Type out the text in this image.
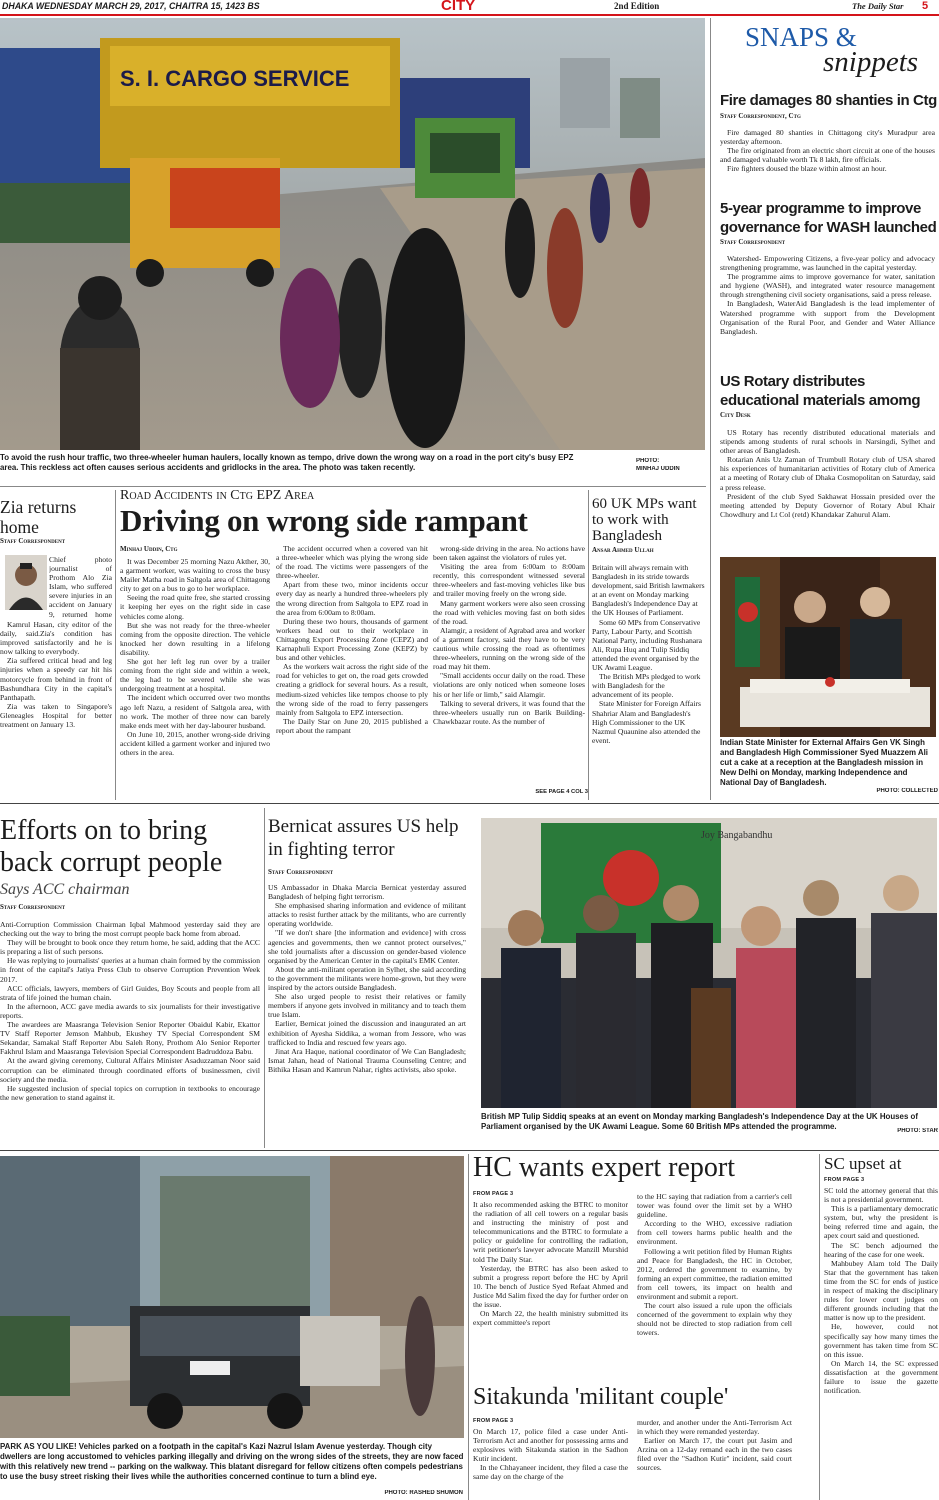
DHAKA WEDNESDAY MARCH 29, 2017, CHAITRA 15, 1423 BS	CITY	2nd Edition	The Daily Star	5
S. I. CARGO SERVICE
To avoid the rush hour traffic, two three-wheeler human haulers, locally known as tempo, drive down the wrong way on a road in the port city's busy EPZ area. This reckless act often causes serious accidents and gridlocks in the area. The photo was taken recently.
PHOTO:
MINHAJ UDDIN
SNAPS &
snippets
Fire damages 80 shanties in Ctg
Staff Correspondent, Ctg

Fire damaged 80 shanties in Chittagong city's Muradpur area yesterday afternoon.

The fire originated from an electric short circuit at one of the houses and damaged valuable worth Tk 8 lakh, fire officials.

Fire fighters doused the blaze within almost an hour.

5-year programme to improve governance for WASH launched
Staff Correspondent

Watershed- Empowering Citizens, a five-year policy and advocacy strengthening programme, was launched in the capital yesterday.

The programme aims to improve governance for water, sanitation and hygiene (WASH), and integrated water resource management through strengthening civil society organisations, said a press release.

In Bangladesh, WaterAid Bangladesh is the lead implementer of Watershed programme with support from the Development Organisation of the Rural Poor, and Gender and Water Alliance Bangladesh.

US Rotary distributes educational materials amomg
City Desk

US Rotary has recently distributed educational materials and stipends among students of rural schools in Narsingdi, Sylhet and other areas of Bangladesh.

Rotarian Anis Uz Zaman of Trumbull Rotary club of USA shared his experiences of humanitarian activities of Rotary club of America at a meeting of Rotary club of Dhaka Cosmopolitan on Saturday, said a press release.

President of the club Syed Sakhawat Hossain presided over the meeting attended by Deputy Governor of Rotary Abul Khair Chowdhury and Lt Col (retd) Khandakar Zahurul Alam.

Indian State Minister for External Affairs Gen VK Singh and Bangladesh High Commissioner Syed Muazzem Ali cut a cake at a reception at the Bangladesh mission in New Delhi on Monday, marking Independence and National Day of Bangladesh.
PHOTO: COLLECTED
Zia returns home
Staff Correspondent

Chief photo journalist of Prothom Alo Zia Islam, who suffered severe injuries in an accident on January 9, returned home

Kamrul Hasan, city editor of the daily, said.Zia's condition has improved satisfactorily and he is now talking to everybody.

Zia suffered critical head and leg injuries when a speedy car hit his motorcycle from behind in front of Bashundhara City in the capital's Panthapath.

Zia was taken to Singapore's Gleneagles Hospital for better treatment on January 13.

Road Accidents in Ctg EPZ Area
Driving on wrong side rampant
Minhaj Uddin, Ctg

It was December 25 morning Nazu Akther, 30, a garment worker, was waiting to cross the busy Mailer Matha road in Saltgola area of Chittagong city to get on a bus to go to her workplace.

Seeing the road quite free, she started crossing it keeping her eyes on the right side in case vehicles come along.

But she was not ready for the three-wheeler coming from the opposite direction. The vehicle knocked her down resulting in a lifelong disability.

She got her left leg run over by a trailer coming from the right side and within a week, the leg had to be severed while she was undergoing treatment at a hospital.

The incident which occurred over two months ago left Nazu, a resident of Saltgola area, with no work. The mother of three now can barely make ends meet with her day-labourer husband.

On June 10, 2015, another wrong-side driving accident killed a garment worker and injured two others in the area.

The accident occurred when a covered van hit a three-wheeler which was plying the wrong side of the road. The victims were passengers of the three-wheeler.

Apart from these two, minor incidents occur every day as nearly a hundred three-wheelers ply the wrong direction from Saltgola to EPZ road in the area from 6:00am to 8:00am.

During these two hours, thousands of garment workers head out to their workplace in Chittagong Export Processing Zone (CEPZ) and Karnaphuli Export Processing Zone (KEPZ) by bus and other vehicles.

As the workers wait across the right side of the road for vehicles to get on, the road gets crowded creating a gridlock for several hours. As a result, medium-sized vehicles like tempos choose to ply the wrong side of the road to ferry passengers mainly from Saltgola to EPZ intersection.

The Daily Star on June 20, 2015 published a report about the rampant

wrong-side driving in the area. No actions have been taken against the violators of rules yet.

Visiting the area from 6:00am to 8:00am recently, this correspondent witnessed several three-wheelers and fast-moving vehicles like bus and trailer moving freely on the wrong side.

Many garment workers were also seen crossing the road with vehicles moving fast on both sides of the road.

Alamgir, a resident of Agrabad area and worker of a garment factory, said they have to be very cautious while crossing the road as oftentimes three-wheelers, running on the wrong side of the road may hit them.

"Small accidents occur daily on the road. These violations are only noticed when someone loses his or her life or limb," said Alamgir.

Talking to several drivers, it was found that the three-wheelers usually run on Barik Building-Chawkbazar route. As the number of

SEE PAGE 4 COL 3
60 UK MPs want to work with Bangladesh
Ansar Ahmed Ullah

Britain will always remain with Bangladesh in its stride towards development, said British lawmakers at an event on Monday marking Bangladesh's Independence Day at the UK Houses of Parliament.

Some 60 MPs from Conservative Party, Labour Party, and Scottish National Party, including Rushanara Ali, Rupa Huq and Tulip Siddiq attended the event organised by the UK Awami League.

The British MPs pledged to work with Bangladesh for the advancement of its people.

State Minister for Foreign Affairs Shahriar Alam and Bangladesh's High Commissioner to the UK Nazmul Quaunine also attended the event.

Efforts on to bring back corrupt people
Says ACC chairman
Staff Correspondent

Anti-Corruption Commission Chairman Iqbal Mahmood yesterday said they are checking out the way to bring the most corrupt people back home from abroad.

They will be brought to book once they return home, he said, adding that the ACC is preparing a list of such persons.

He was replying to journalists' queries at a human chain formed by the commission in front of the capital's Jatiya Press Club to observe Corruption Prevention Week 2017.

ACC officials, lawyers, members of Girl Guides, Boy Scouts and people from all strata of life joined the human chain.

In the afternoon, ACC gave media awards to six journalists for their investigative reports.

The awardees are Maasranga Television Senior Reporter Obaidul Kabir, Ekattor TV Staff Reporter Jemson Mahbub, Ekushey TV Special Correspondent SM Sekandar, Samakal Staff Reporter Abu Saleh Rony, Prothom Alo Senior Reporter Fakhrul Islam and Maasranga Television Special Correspondent Badruddoza Babu.

At the award giving ceremony, Cultural Affairs Minister Asaduzzaman Noor said corruption can be eliminated through coordinated efforts of businessmen, civil society and the media.

He suggested inclusion of special topics on corruption in textbooks to encourage the new generation to stand against it.

Bernicat assures US help in fighting terror
Staff Correspondent

US Ambassador in Dhaka Marcia Bernicat yesterday assured Bangladesh of helping fight terrorism.

She emphasised sharing information and evidence of militant attacks to resist further attack by the militants, who are currently operating worldwide.

"If we don't share [the information and evidence] with cross agencies and governments, then we cannot protect ourselves," she told journalists after a discussion on gender-based violence organised by the American Center in the capital's EMK Center.

About the anti-militant operation in Sylhet, she said according to the government the militants were home-grown, but they were inspired by the actors outside Bangladesh.

She also urged people to resist their relatives or family members if anyone gets involved in militancy and to teach them true Islam.

Earlier, Bernicat joined the discussion and inaugurated an art exhibition of Ayesha Siddika, a woman from Jessore, who was trafficked to India and rescued few years ago.

Jinat Ara Haque, national coordinator of We Can Bangladesh; Ismat Jahan, head of National Trauma Counseling Centre; and Bithika Hasan and Kamrun Nahar, rights activists, also spoke.

Joy Bangabandhu
British MP Tulip Siddiq speaks at an event on Monday marking Bangladesh's Independence Day at the UK Houses of Parliament organised by the UK Awami League. Some 60 British MPs attended the programme.	PHOTO: STAR
PARK AS YOU LIKE! Vehicles parked on a footpath in the capital's Kazi Nazrul Islam Avenue yesterday. Though city dwellers are long accustomed to vehicles parking illegally and driving on the wrong sides of the streets, they are now faced with this relatively new trend -- parking on the walkway. This blatant disregard for fellow citizens often compels pedestrians to use the busy street risking their lives while the authorities concerned continue to turn a blind eye.
PHOTO: RASHED SHUMON
HC wants expert report
FROM PAGE 3

It also recommended asking the BTRC to monitor the radiation of all cell towers on a regular basis and instructing the ministry of post and telecommunications and the BTRC to formulate a policy or guideline for controlling the radiation, writ petitioner's lawyer advocate Manzill Murshid told The Daily Star.

Yesterday, the BTRC has also been asked to submit a progress report before the HC by April 10. The bench of Justice Syed Refaat Ahmed and Justice Md Salim fixed the day for further order on the issue.

On March 22, the health ministry submitted its expert committee's report

to the HC saying that radiation from a carrier's cell tower was found over the limit set by a WHO guideline.

According to the WHO, excessive radiation from cell towers harms public health and the environment.

Following a writ petition filed by Human Rights and Peace for Bangladesh, the HC in October, 2012, ordered the government to examine, by forming an expert committee, the radiation emitted from cell towers, its impact on health and environment and submit a report.

The court also issued a rule upon the officials concerned of the government to explain why they should not be directed to stop radiation from cell towers.

Sitakunda 'militant couple'
FROM PAGE 3

On March 17, police filed a case under Anti-Terrorism Act and another for possessing arms and explosives with Sitakunda station in the Sadhon Kutir incident.

In the Chhayaneer incident, they filed a case the same day on the charge of the

murder, and another under the Anti-Terrorism Act in which they were remanded yesterday.

Earlier on March 17, the court put Jasim and Arzina on a 12-day remand each in the two cases filed over the "Sadhon Kutir" incident, said court sources.

SC upset at
FROM PAGE 3

SC told the attorney general that this is not a presidential government.

This is a parliamentary democratic system, but, why the president is being referred time and again, the apex court said and questioned.

The SC bench adjourned the hearing of the case for one week.

Mahbubey Alam told The Daily Star that the government has taken time from the SC for ends of justice in respect of making the disciplinary rules for lower court judges on different grounds including that the matter is now up to the president.

He, however, could not specifically say how many times the government has taken time from SC on this issue.

On March 14, the SC expressed dissatisfaction at the government failure to issue the gazette notification.
